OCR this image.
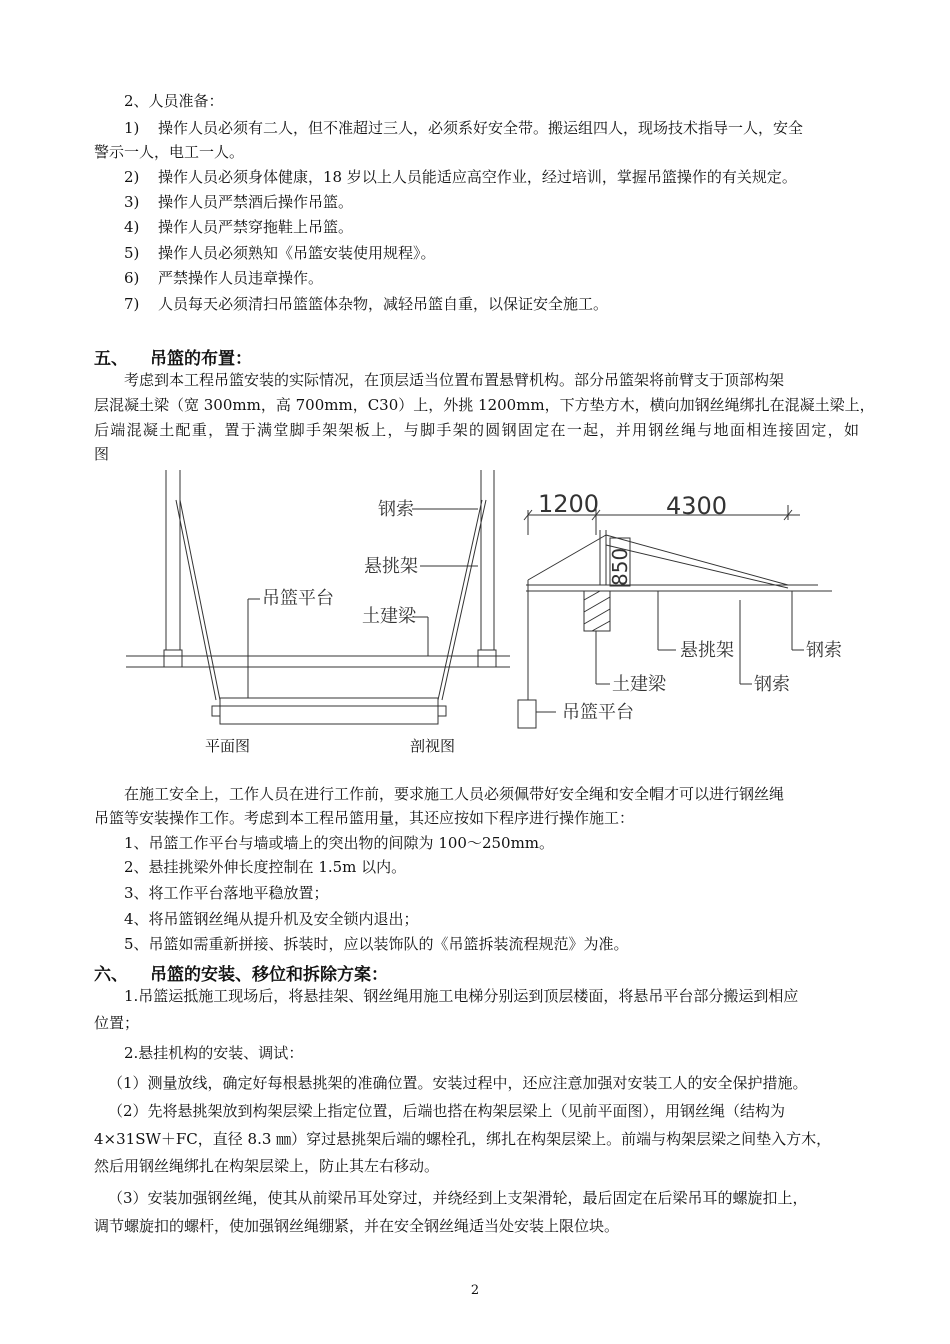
2、人员准备：
1) 操作人员必须有二人，但不准超过三人，必须系好安全带。搬运组四人，现场技术指导一人，安全
警示一人，电工一人。
2) 操作人员必须身体健康，18 岁以上人员能适应高空作业，经过培训，掌握吊篮操作的有关规定。
3) 操作人员严禁酒后操作吊篮。
4) 操作人员严禁穿拖鞋上吊篮。
5) 操作人员必须熟知《吊篮安装使用规程》。
6) 严禁操作人员违章操作。
7) 人员每天必须清扫吊篮篮体杂物，减轻吊篮自重，以保证安全施工。
五、 吊篮的布置：
考虑到本工程吊篮安装的实际情况，在顶层适当位置布置悬臂机构。部分吊篮架将前臂支于顶部构架
层混凝土梁（宽 300mm，高 700mm，C30）上，外挑 1200mm，下方垫方木，横向加钢丝绳绑扎在混凝土梁上，
后端混凝土配重，置于满堂脚手架架板上，与脚手架的圆钢固定在一起，并用钢丝绳与地面相连接固定，如
图
钢索
悬挑架
吊篮平台
土建梁
1200	4300
850
悬挑架	钢索
土建梁	钢索
吊篮平台
平面图	剖视图
在施工安全上，工作人员在进行工作前，要求施工人员必须佩带好安全绳和安全帽才可以进行钢丝绳
吊篮等安装操作工作。考虑到本工程吊篮用量，其还应按如下程序进行操作施工：
1、吊篮工作平台与墙或墙上的突出物的间隙为 100～250mm。
2、悬挂挑梁外伸长度控制在 1.5m 以内。
3、将工作平台落地平稳放置；
4、将吊篮钢丝绳从提升机及安全锁内退出；
5、吊篮如需重新拼接、拆装时，应以装饰队的《吊篮拆装流程规范》为准。
六、 吊篮的安装、移位和拆除方案：
1.吊篮运抵施工现场后，将悬挂架、钢丝绳用施工电梯分别运到顶层楼面，将悬吊平台部分搬运到相应
位置；
2.悬挂机构的安装、调试：
（1）测量放线，确定好每根悬挑架的准确位置。安装过程中，还应注意加强对安装工人的安全保护措施。
（2）先将悬挑架放到构架层梁上指定位置，后端也搭在构架层梁上（见前平面图），用钢丝绳（结构为
4×31SW＋FC，直径 8.3 ㎜）穿过悬挑架后端的螺栓孔，绑扎在构架层梁上。前端与构架层梁之间垫入方木，
然后用钢丝绳绑扎在构架层梁上，防止其左右移动。
（3）安装加强钢丝绳，使其从前梁吊耳处穿过，并绕经到上支架滑轮，最后固定在后梁吊耳的螺旋扣上，
调节螺旋扣的螺杆，使加强钢丝绳绷紧，并在安全钢丝绳适当处安装上限位块。
2
